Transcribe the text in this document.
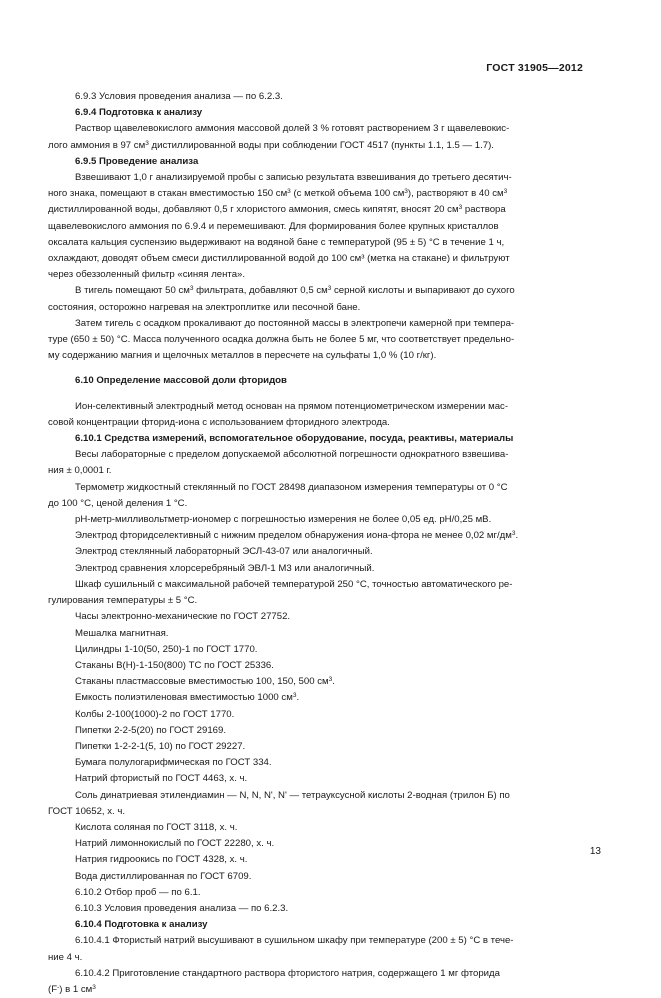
ГОСТ 31905—2012
6.9.3 Условия проведения анализа — по 6.2.3.
6.9.4 Подготовка к анализу
Раствор щавелевокислого аммония массовой долей 3 % готовят растворением 3 г щавелевокис-
лого аммония в 97 $см^3$ дистиллированной воды при соблюдении ГОСТ 4517 (пункты 1.1, 1.5 — 1.7).
6.9.5 Проведение анализа
Взвешивают 1,0 г анализируемой пробы с записью результата взвешивания до третьего десятич-
ного знака, помещают в стакан вместимостью 150 $см^3$ (с меткой объема 100 $см^3$), растворяют в 40 $см^3$
дистиллированной воды, добавляют 0,5 г хлористого аммония, смесь кипятят, вносят 20 $см^3$ раствора
щавелевокислого аммония по 6.9.4 и перемешивают. Для формирования более крупных кристаллов
оксалата кальция суспензию выдерживают на водяной бане с температурой (95 ± 5) °С в течение 1 ч,
охлаждают, доводят объем смеси дистиллированной водой до 100 см³ (метка на стакане) и фильтруют
через обеззоленный фильтр «синяя лента».
В тигель помещают 50 $см^3$ фильтрата, добавляют 0,5 $см^3$ серной кислоты и выпаривают до сухого
состояния, осторожно нагревая на электроплитке или песочной бане.
Затем тигель с осадком прокаливают до постоянной массы в электропечи камерной при темпера-
туре (650 ± 50) °С. Масса полученного осадка должна быть не более 5 мг, что соответствует предельно-
му содержанию магния и щелочных металлов в пересчете на сульфаты 1,0 % (10 г/кг).
6.10 Определение массовой доли фторидов
Ион-селективный электродный метод основан на прямом потенциометрическом измерении мас-
совой концентрации фторид-иона с использованием фторидного электрода.
6.10.1 Средства измерений, вспомогательное оборудование, посуда, реактивы, материалы
Весы лабораторные с пределом допускаемой абсолютной погрешности однократного взвешива-
ния ± 0,0001 г.
Термометр жидкостный стеклянный по ГОСТ 28498 диапазоном измерения температуры от 0 °С
до 100 °С, ценой деления 1 °С.
рН-метр-милливольтметр-иономер с погрешностью измерения не более 0,05 ед. рН/0,25 мВ.
Электрод фторидселективный с нижним пределом обнаружения иона-фтора не менее 0,02 $мг/дм^3$.
Электрод стеклянный лабораторный ЭСЛ-43-07 или аналогичный.
Электрод сравнения хлорсеребряный ЭВЛ-1 М3 или аналогичный.
Шкаф сушильный с максимальной рабочей температурой 250 °С, точностью автоматического ре-
гулирования температуры ± 5 °С.
Часы электронно-механические по ГОСТ 27752.
Мешалка магнитная.
Цилиндры 1-10(50, 250)-1 по ГОСТ 1770.
Стаканы В(Н)-1-150(800) ТС по ГОСТ 25336.
Стаканы пластмассовые вместимостью 100, 150, 500 $см^3$.
Емкость полиэтиленовая вместимостью 1000 $см^3$.
Колбы 2-100(1000)-2 по ГОСТ 1770.
Пипетки 2-2-5(20) по ГОСТ 29169.
Пипетки 1-2-2-1(5, 10) по ГОСТ 29227.
Бумага полулогарифмическая по ГОСТ 334.
Натрий фтористый по ГОСТ 4463, х. ч.
Соль динатриевая этилендиамин — N, N, N', N' — тетрауксусной кислоты 2-водная (трилон Б) по
ГОСТ 10652, х. ч.
Кислота соляная по ГОСТ 3118, х. ч.
Натрий лимоннокислый по ГОСТ 22280, х. ч.
Натрия гидроокись по ГОСТ 4328, х. ч.
Вода дистиллированная по ГОСТ 6709.
6.10.2 Отбор проб — по 6.1.
6.10.3 Условия проведения анализа — по 6.2.3.
6.10.4 Подготовка к анализу
6.10.4.1 Фтористый натрий высушивают в сушильном шкафу при температуре (200 ± 5) °С в тече-
ние 4 ч.
6.10.4.2 Приготовление стандартного раствора фтористого натрия, содержащего 1 мг фторида
(F-) в 1 $см^3$
13
